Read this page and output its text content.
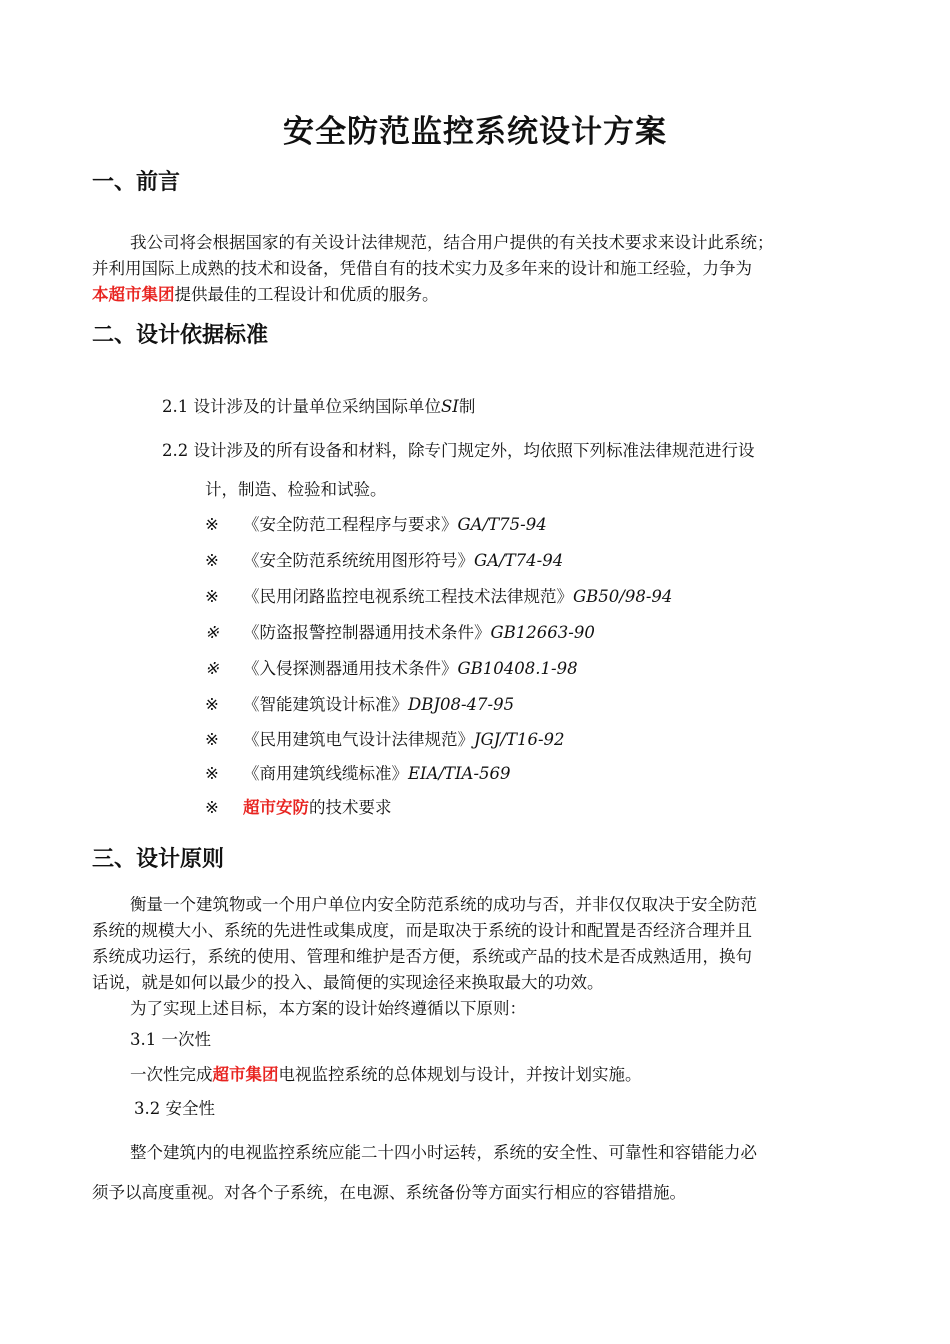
安全防范监控系统设计方案
一、前言
我公司将会根据国家的有关设计法律规范，结合用户提供的有关技术要求来设计此系统；
并利用国际上成熟的技术和设备，凭借自有的技术实力及多年来的设计和施工经验，力争为
本超市集团提供最佳的工程设计和优质的服务。
二、设计依据标准
2.1 设计涉及的计量单位采纳国际单位SI制
2.2 设计涉及的所有设备和材料，除专门规定外，均依照下列标准法律规范进行设
计，制造、检验和试验。
※ 《安全防范工程程序与要求》GA/T75-94
※ 《安全防范系统统用图形符号》GA/T74-94
※ 《民用闭路监控电视系统工程技术法律规范》GB50/98-94
※ 《防盗报警控制器通用技术条件》GB12663-90
※ 《入侵探测器通用技术条件》GB10408.1-98
※ 《智能建筑设计标准》DBJ08-47-95
※ 《民用建筑电气设计法律规范》JGJ/T16-92
※ 《商用建筑线缆标准》EIA/TIA-569
※ 超市安防的技术要求
三、设计原则
衡量一个建筑物或一个用户单位内安全防范系统的成功与否，并非仅仅取决于安全防范
系统的规模大小、系统的先进性或集成度，而是取决于系统的设计和配置是否经济合理并且
系统成功运行，系统的使用、管理和维护是否方便，系统或产品的技术是否成熟适用，换句
话说，就是如何以最少的投入、最简便的实现途径来换取最大的功效。
为了实现上述目标，本方案的设计始终遵循以下原则：
3.1 一次性
一次性完成超市集团电视监控系统的总体规划与设计，并按计划实施。
3.2 安全性
整个建筑内的电视监控系统应能二十四小时运转，系统的安全性、可靠性和容错能力必
须予以高度重视。对各个子系统，在电源、系统备份等方面实行相应的容错措施。
